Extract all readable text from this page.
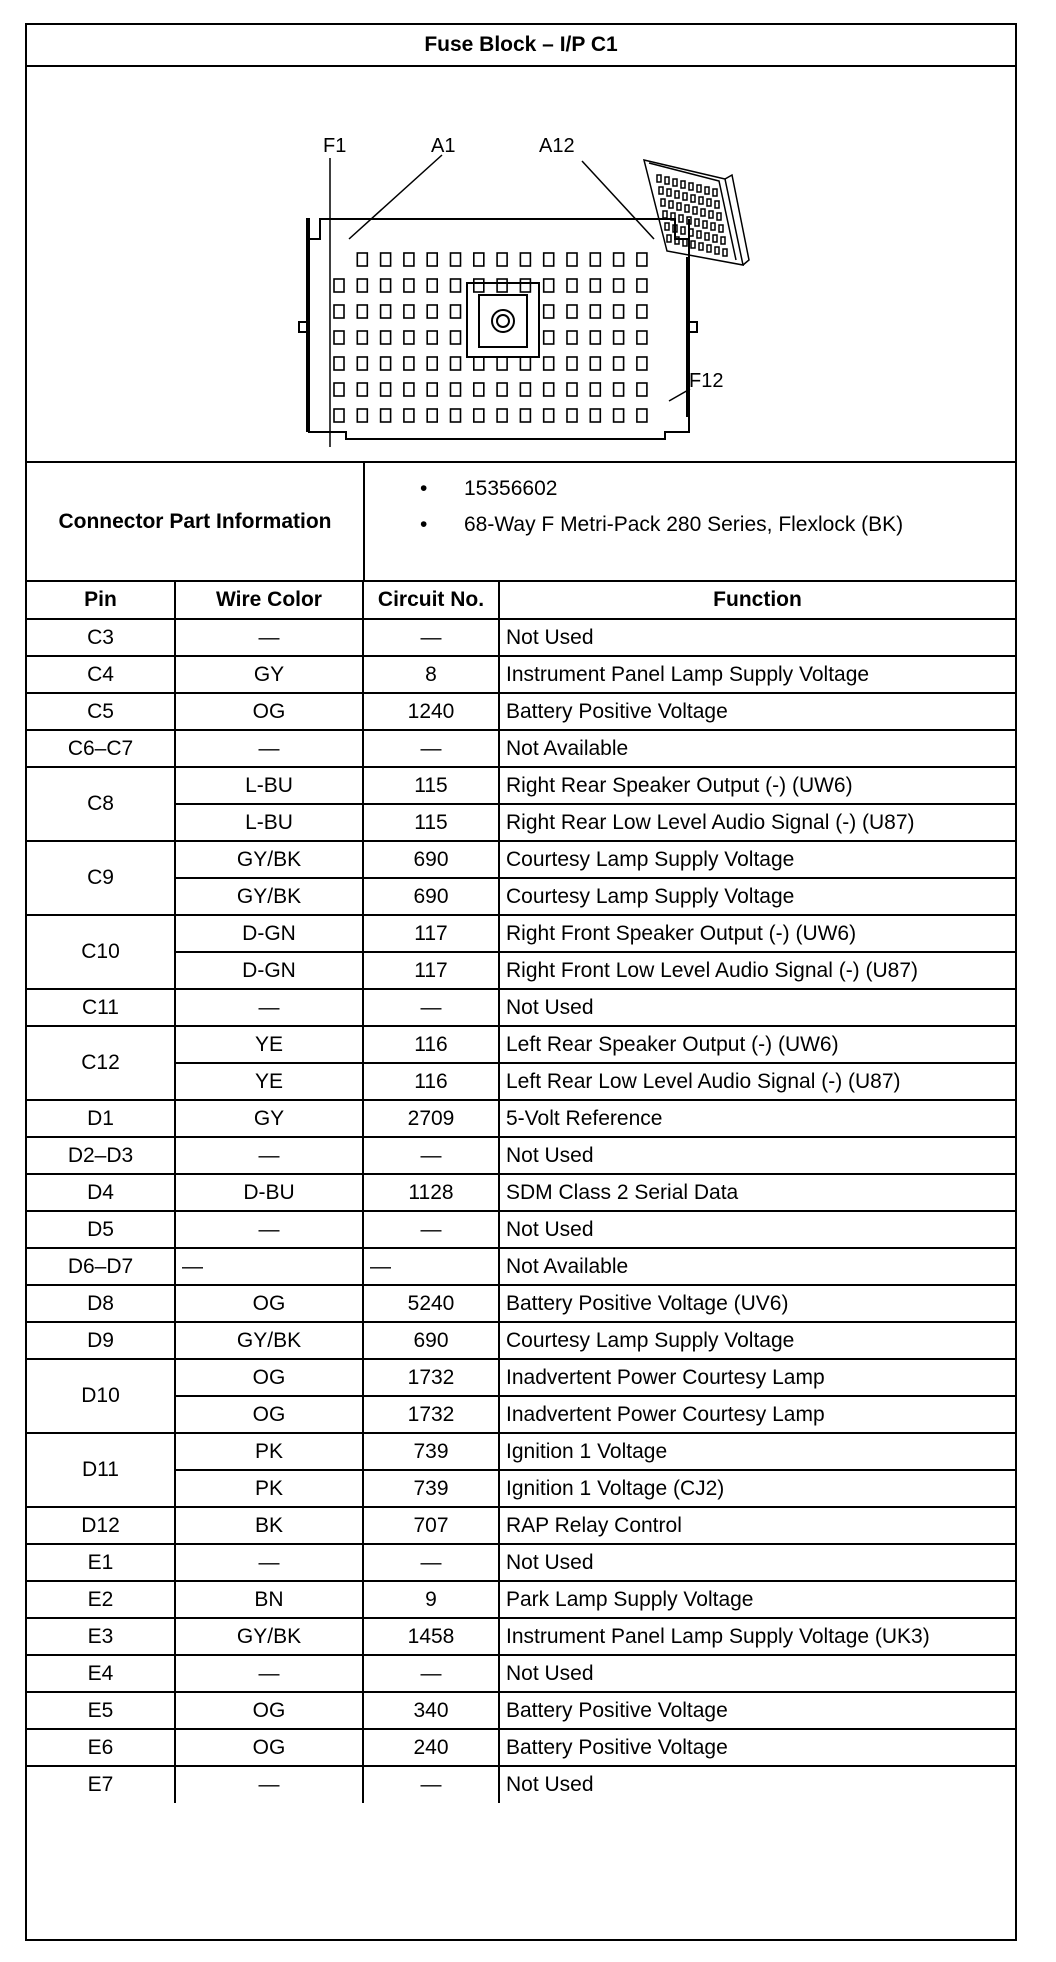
Fuse Block – I/P C1
F1	A1	A12
F12
Connector Part Information
• 15356602
• 68-Way F Metri-Pack 280 Series, Flexlock (BK)
Pin	Wire Color	Circuit No.	Function
C3	—	—	Not Used
C4	GY	8	Instrument Panel Lamp Supply Voltage
C5	OG	1240	Battery Positive Voltage
C6–C7	—	—	Not Available
C8	L-BU	115	Right Rear Speaker Output (-) (UW6)
	L-BU	115	Right Rear Low Level Audio Signal (-) (U87)
C9	GY/BK	690	Courtesy Lamp Supply Voltage
	GY/BK	690	Courtesy Lamp Supply Voltage
C10	D-GN	117	Right Front Speaker Output (-) (UW6)
	D-GN	117	Right Front Low Level Audio Signal (-) (U87)
C11	—	—	Not Used
C12	YE	116	Left Rear Speaker Output (-) (UW6)
	YE	116	Left Rear Low Level Audio Signal (-) (U87)
D1	GY	2709	5-Volt Reference
D2–D3	—	—	Not Used
D4	D-BU	1128	SDM Class 2 Serial Data
D5	—	—	Not Used
D6–D7	—	—	Not Available
D8	OG	5240	Battery Positive Voltage (UV6)
D9	GY/BK	690	Courtesy Lamp Supply Voltage
D10	OG	1732	Inadvertent Power Courtesy Lamp
	OG	1732	Inadvertent Power Courtesy Lamp
D11	PK	739	Ignition 1 Voltage
	PK	739	Ignition 1 Voltage (CJ2)
D12	BK	707	RAP Relay Control
E1	—	—	Not Used
E2	BN	9	Park Lamp Supply Voltage
E3	GY/BK	1458	Instrument Panel Lamp Supply Voltage (UK3)
E4	—	—	Not Used
E5	OG	340	Battery Positive Voltage
E6	OG	240	Battery Positive Voltage
E7	—	—	Not Used
